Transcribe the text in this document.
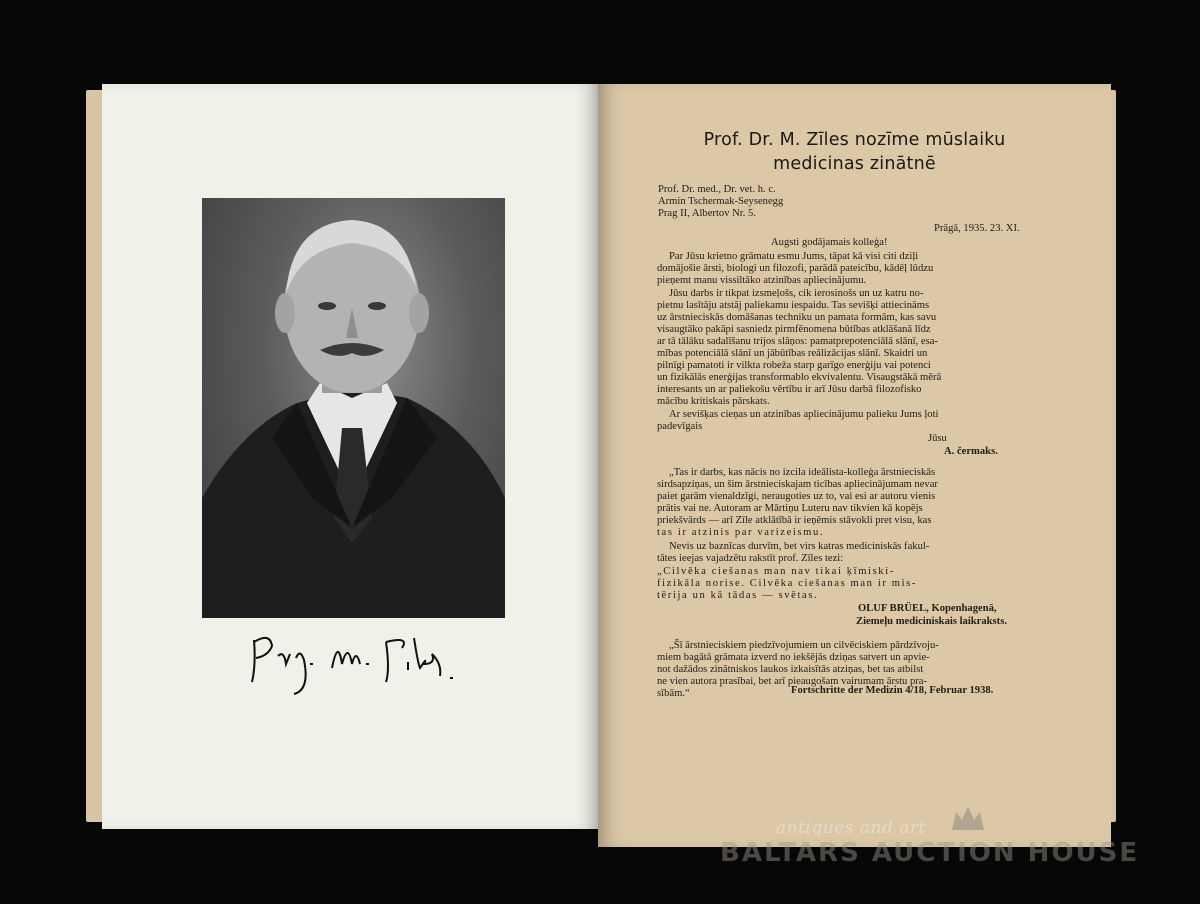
Prof. Dr. M. Zīles nozīme mūslaiku
medicinas zinātnē
Prof. Dr. med., Dr. vet. h. c.
Armin Tschermak-Seysenegg
Prag II, Albertov Nr. 5.
Prāgā, 1935. 23. XI.
Augsti godājamais kolleģa!
Par Jūsu krietno grāmatu esmu Jums, tāpat kā visi citi dziļi
domājošie ārsti, biologi un filozofi, parādā pateicību, kādēļ lūdzu
pieņemt manu vissiltāko atzinības apliecinājumu.
Jūsu darbs ir tikpat izsmeļošs, cik ierosinošs un uz katru no-
pietnu lasītāju atstāj paliekamu iespaidu. Tas sevišķi attiecināms
uz ārstnieciskās domāšanas techniku un pamata formām, kas savu
visaugtāko pakāpi sasniedz pirmfēnomena būtības atklāšanā līdz
ar tā tālāku sadalīšanu trijos slāņos: pamatprepotenciālā slānī, esa-
mības potenciālā slānī un jābūtības reālizācijas slānī. Skaidri un
pilnīgi pamatoti ir vilkta robeža starp garīgo enerģiju vai potenci
un fizikālās enerģijas transformablo ekvivalentu. Visaugstākā mērā
interesants un ar paliekošu vērtību ir arī Jūsu darbā filozofisko
mācību kritiskais pārskats.
Ar sevišķas cieņas un atzinības apliecinājumu palieku Jums ļoti
padevīgais
Jūsu
A. čermaks.
„Tas ir darbs, kas nācis no izcila ideālista-kolleģa ārstnieciskās
sirdsapziņas, un šim ārstnieciskajam ticības apliecinājumam nevar
paiet garām vienaldzīgi, neraugoties uz to, vai esi ar autoru vienis
prātis vai ne. Autoram ar Mārtiņu Luteru nav tikvien kā kopējs
priekšvārds — arī Zīle atklātībā ir ieņēmis stāvokli pret visu, kas
tas ir atzinis par varizeismu.
Nevis uz baznīcas durvīm, bet virs katras mediciniskās fakul-
tātes ieejas vajadzētu rakstīt prof. Zīles tezi:
„Cilvēka ciešanas man nav tikai ķīmiski-
fizikāla norise. Cilvēka ciešanas man ir mis-
tērija un kā tādas — svētas.
OLUF BRÜEL, Kopenhagenā,
Ziemeļu mediciniskais laikraksts.
„Šī ārstnieciskiem piedzīvojumiem un cilvēciskiem pārdzīvoju-
miem bagātā grāmata izverd no iekšējās dziņas satvert un apvie-
not dažādos zinātniskos laukos izkaisītās atziņas, bet tas atbilst
ne vien autora prasībai, bet arī pieaugošam vairumam ārstu pra-
sībām.“	Fortschritte der Medizin 4/18, Februar 1938.
antiques and art
BALTARS AUCTION HOUSE
